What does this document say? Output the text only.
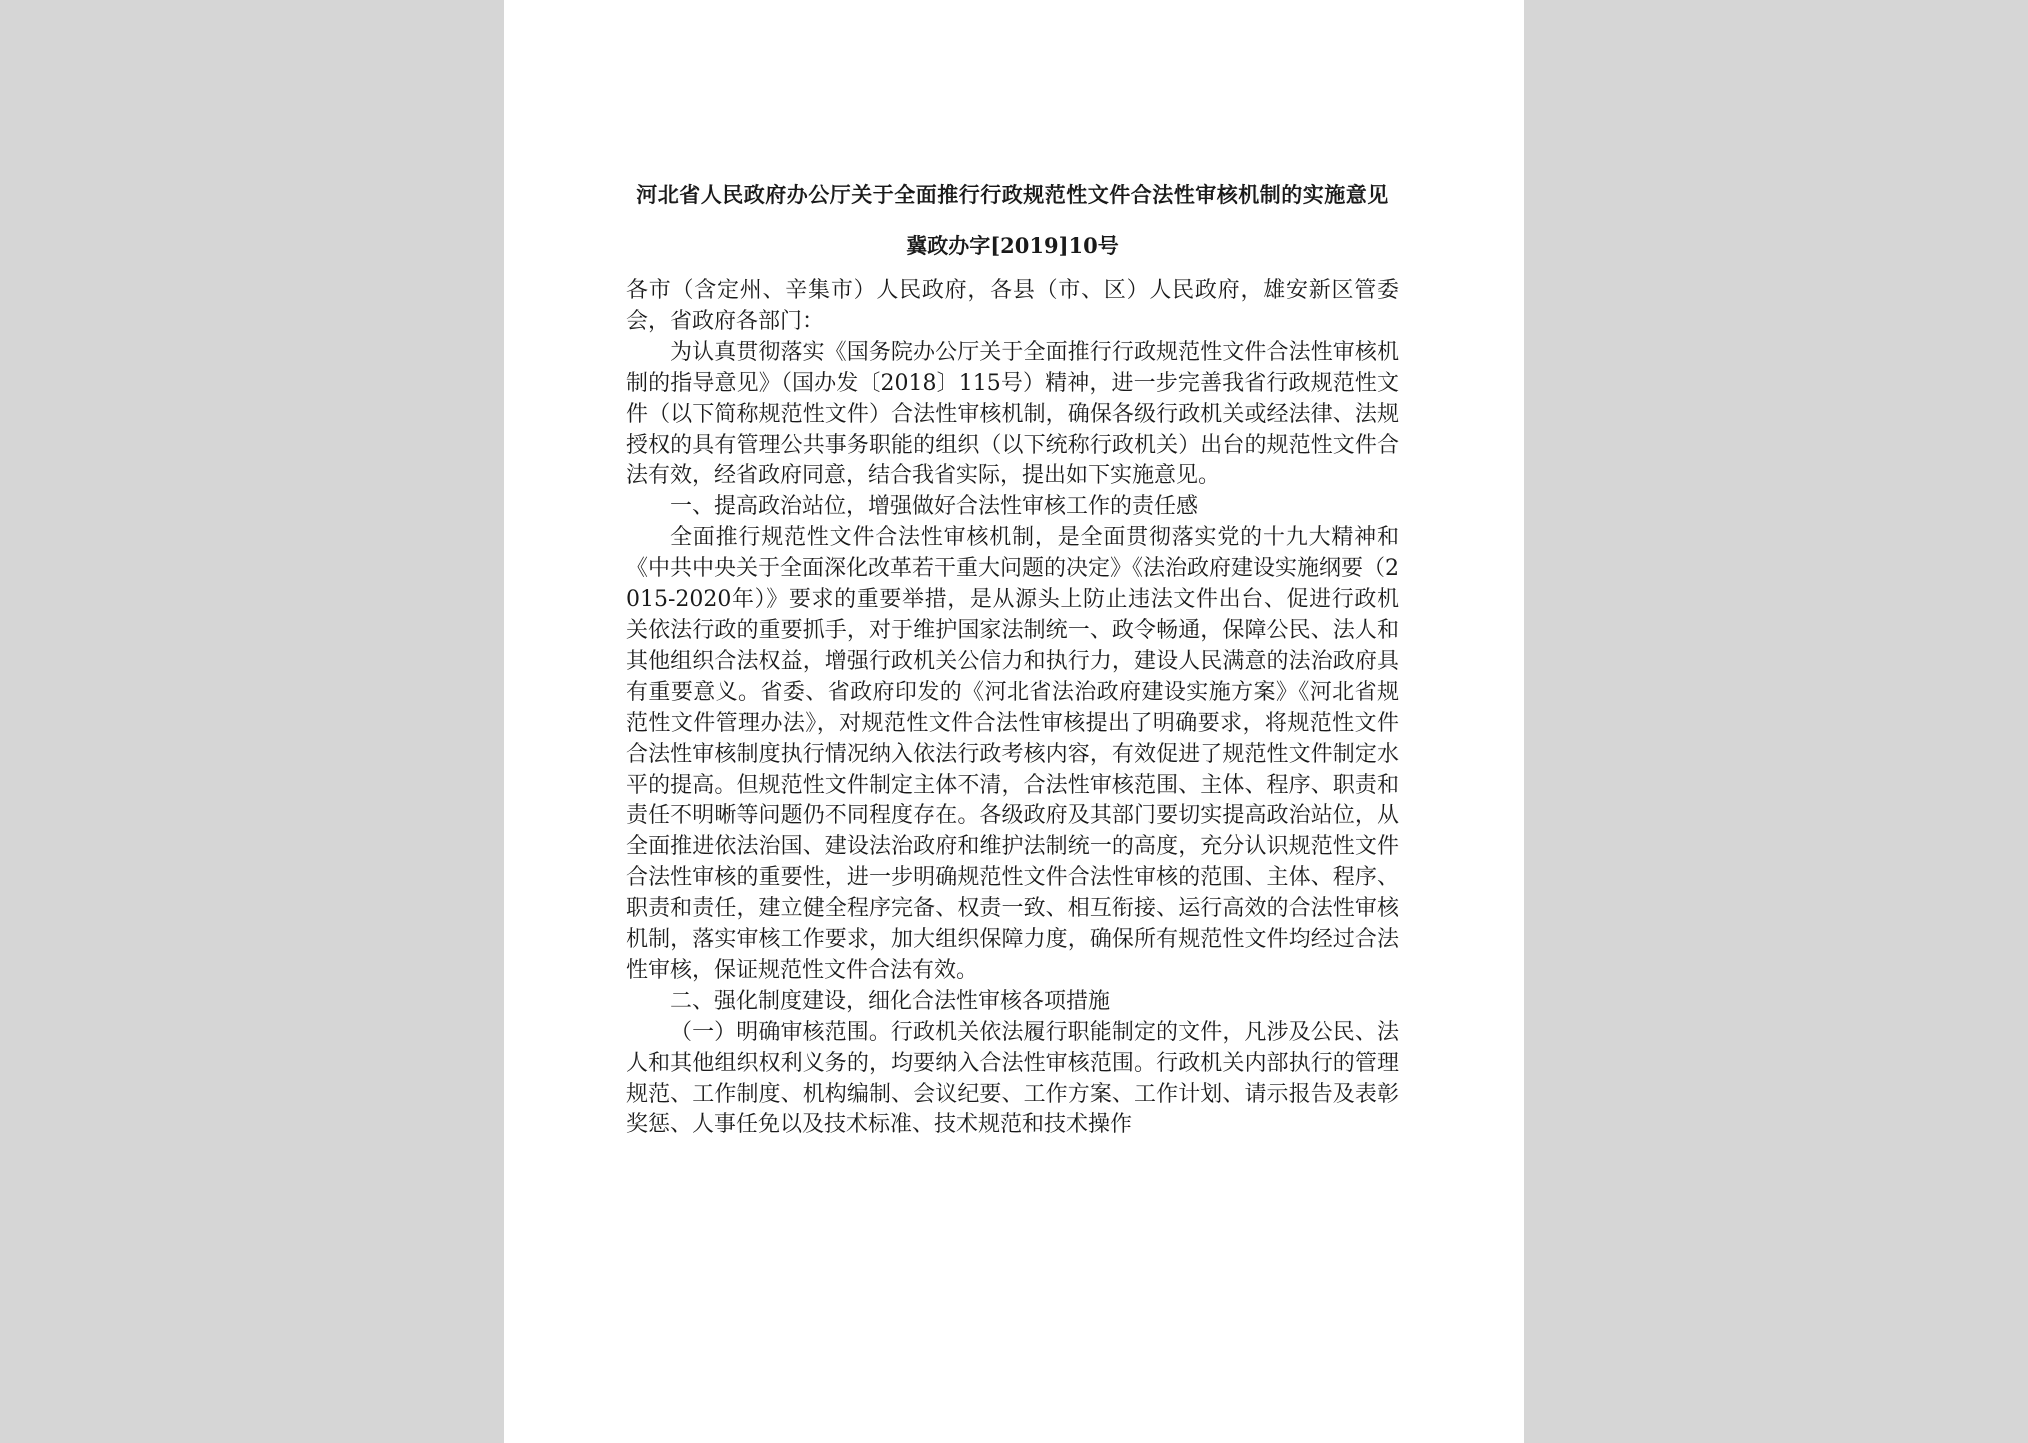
河北省人民政府办公厅关于全面推行行政规范性文件合法性审核机制的实施意见
冀政办字[2019]10号

各市（含定州、辛集市）人民政府，各县（市、区）人民政府，雄安新区管委会，省政府各部门：

为认真贯彻落实《国务院办公厅关于全面推行行政规范性文件合法性审核机制的指导意见》（国办发〔2018〕115号）精神，进一步完善我省行政规范性文件（以下简称规范性文件）合法性审核机制，确保各级行政机关或经法律、法规授权的具有管理公共事务职能的组织（以下统称行政机关）出台的规范性文件合法有效，经省政府同意，结合我省实际，提出如下实施意见。

一、提高政治站位，增强做好合法性审核工作的责任感

全面推行规范性文件合法性审核机制，是全面贯彻落实党的十九大精神和《中共中央关于全面深化改革若干重大问题的决定》《法治政府建设实施纲要（2015-2020年）》要求的重要举措，是从源头上防止违法文件出台、促进行政机关依法行政的重要抓手，对于维护国家法制统一、政令畅通，保障公民、法人和其他组织合法权益，增强行政机关公信力和执行力，建设人民满意的法治政府具有重要意义。省委、省政府印发的《河北省法治政府建设实施方案》《河北省规范性文件管理办法》，对规范性文件合法性审核提出了明确要求，将规范性文件合法性审核制度执行情况纳入依法行政考核内容，有效促进了规范性文件制定水平的提高。但规范性文件制定主体不清，合法性审核范围、主体、程序、职责和责任不明晰等问题仍不同程度存在。各级政府及其部门要切实提高政治站位，从全面推进依法治国、建设法治政府和维护法制统一的高度，充分认识规范性文件合法性审核的重要性，进一步明确规范性文件合法性审核的范围、主体、程序、职责和责任，建立健全程序完备、权责一致、相互衔接、运行高效的合法性审核机制，落实审核工作要求，加大组织保障力度，确保所有规范性文件均经过合法性审核，保证规范性文件合法有效。

二、强化制度建设，细化合法性审核各项措施

（一）明确审核范围。行政机关依法履行职能制定的文件，凡涉及公民、法人和其他组织权利义务的，均要纳入合法性审核范围。行政机关内部执行的管理规范、工作制度、机构编制、会议纪要、工作方案、工作计划、请示报告及表彰奖惩、人事任免以及技术标准、技术规范和技术操作
